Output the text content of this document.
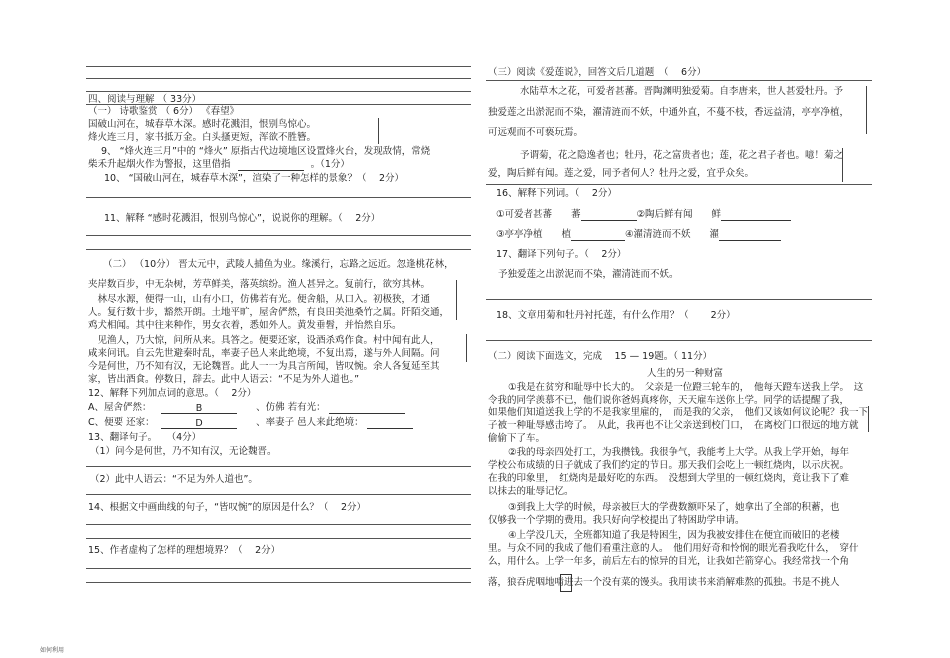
四、阅读与理解 （ 33分）
（一） 诗歌鉴赏 （ 6分） 《春望》
国破山河在，城春草木深。感时花溅泪，恨别鸟惊心。
烽火连三月，家书抵万金。白头搔更短，浑欲不胜簪。
9、 “烽火连三月”中的 “烽火” 原指古代边境地区设置烽火台，发现敌情，常烧
柴禾升起烟火作为警报，这里借指	。（1分）
10、 “国破山河在，城春草木深”，渲染了一种怎样的景象？（　 2分）
11、解释 “感时花溅泪，恨别鸟惊心”，说说你的理解。（　 2分）
（二） （10分） 晋太元中，武陵人捕鱼为业。缘溪行，忘路之远近。忽逢桃花林，
夹岸数百步，中无杂树，芳草鲜美，落英缤纷。渔人甚异之。复前行，欲穷其林。
　林尽水源，便得一山，山有小口，仿佛若有光。便舍船，从口入。初极狭，才通
人。复行数十步，豁然开朗。土地平旷，屋舍俨然，有良田美池桑竹之属。阡陌交通，
鸡犬相闻。其中往来种作，男女衣着，悉如外人。黄发垂髫，并怡然自乐。
　见渔人，乃大惊，问所从来。具答之。便要还家，设酒杀鸡作食。村中闻有此人，
咸来问讯。自云先世避秦时乱，率妻子邑人来此绝境，不复出焉，遂与外人间隔。问
今是何世，乃不知有汉，无论魏晋。此人一一为具言所闻，皆叹惋。余人各复延至其
家，皆出酒食。停数日，辞去。此中人语云：“不足为外人道也。”
12、解释下列加点词的意思。（　 2分）
A、屋舍俨然：	B	、仿佛 若有光：
C、便要 还家：	D	、率妻子 邑人来此绝境：
13、翻译句子。　　（4分）
（1）问今是何世，乃不知有汉，无论魏晋。
（2）此中人语云：“不足为外人道也”。
14、根据文中画曲线的句子，“皆叹惋”的原因是什么？（　 2分）
15、作者虚构了怎样的理想境界？（　 2分）
（三）阅读《爱莲说》，回答文后几道题　（　 6分）
水陆草木之花，可爱者甚蕃。晋陶渊明独爱菊。自李唐来，世人甚爱牡丹。予
独爱莲之出淤泥而不染，濯清涟而不妖，中通外直，不蔓不枝，香远益清，亭亭净植，
可远观而不可亵玩焉。
予谓菊，花之隐逸者也；牡丹，花之富贵者也；莲，花之君子者也。噫！菊之
爱，陶后鲜有闻。莲之爱，同予者何人？牡丹之爱，宜乎众矣。
16、解释下列词。（　 2分）
①可爱者甚蕃　　蕃	②陶后鲜有闻　　鲜
③亭亭净植　　植	④濯清涟而不妖　　濯
17、翻译下列句子。（　 2分）
予独爱莲之出淤泥而不染，濯清涟而不妖。
18、文章用菊和牡丹衬托莲，有什么作用？（　　 2分）
（二）阅读下面选文，完成　 15 — 19题。（ 11分）
人生的另一种财富
①我是在贫穷和耻辱中长大的。　父亲是一位蹬三轮车的，　他每天蹬车送我上学。　这
令我的同学羡慕不已，他们说你爸妈真疼你，天天雇车送你上学。同学的话提醒了我，
如果他们知道送我上学的不是我家里雇的，　而是我的父亲，　他们又该如何议论呢？我一下
子被一种耻辱感击垮了。　从此，我再也不让父亲送到校门口，　在离校门口很远的地方就
偷偷下了车。
②我的母亲四处打工，为我攒钱。我很争气，我能考上大学。从我上学开始，每年
学校公布成绩的日子就成了我们约定的节日。那天我们会吃上一顿红烧肉，以示庆祝。
在我的印象里，　红烧肉是最好吃的东西。　没想到大学里的一顿红烧肉，竟让我下了难
以抹去的耻辱记忆。
③到我上大学的时候，母亲被巨大的学费数额吓呆了，她拿出了全部的积蓄，也
仅够我一个学期的费用。我只好向学校提出了特困助学申请。
④上学没几天，全班都知道了我是特困生，因为我被安排住在便宜而破旧的老楼
里。与众不同的我成了他们看重注意的人。　他们用好奇和怜悯的眼光看我吃什么，　穿什
么，用什么。上学一年多，前后左右的惊异的目光，让我如芒箭穿心。我经常找一个角
落，狼吞虎咽地啃进去一个没有菜的馒头。我用读书来消解难熬的孤独。书是不挑人
如何利用
